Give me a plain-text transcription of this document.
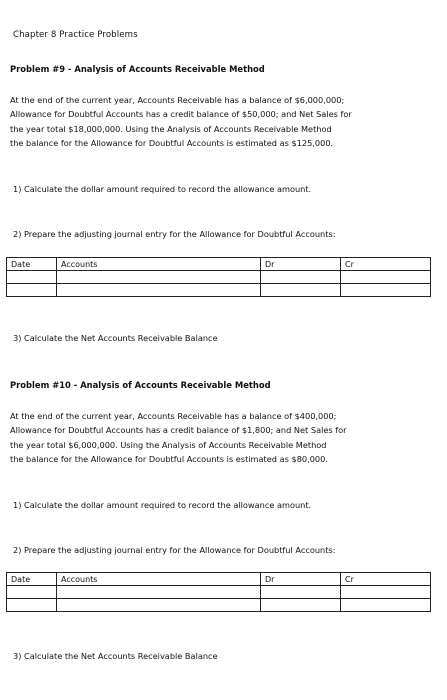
Chapter 8 Practice Problems
Problem #9 - Analysis of Accounts Receivable Method
At the end of the current year, Accounts Receivable has a balance of $6,000,000;
Allowance for Doubtful Accounts has a credit balance of $50,000; and Net Sales for
the year total $18,000,000. Using the Analysis of Accounts Receivable Method
the balance for the Allowance for Doubtful Accounts is estimated as $125,000.
1) Calculate the dollar amount required to record the allowance amount.
2) Prepare the adjusting journal entry for the Allowance for Doubtful Accounts:
Date	Accounts	Dr	Cr

3) Calculate the Net Accounts Receivable Balance
Problem #10 - Analysis of Accounts Receivable Method
At the end of the current year, Accounts Receivable has a balance of $400,000;
Allowance for Doubtful Accounts has a credit balance of $1,800; and Net Sales for
the year total $6,000,000. Using the Analysis of Accounts Receivable Method
the balance for the Allowance for Doubtful Accounts is estimated as $80,000.
1) Calculate the dollar amount required to record the allowance amount.
2) Prepare the adjusting journal entry for the Allowance for Doubtful Accounts:
Date	Accounts	Dr	Cr

3) Calculate the Net Accounts Receivable Balance
